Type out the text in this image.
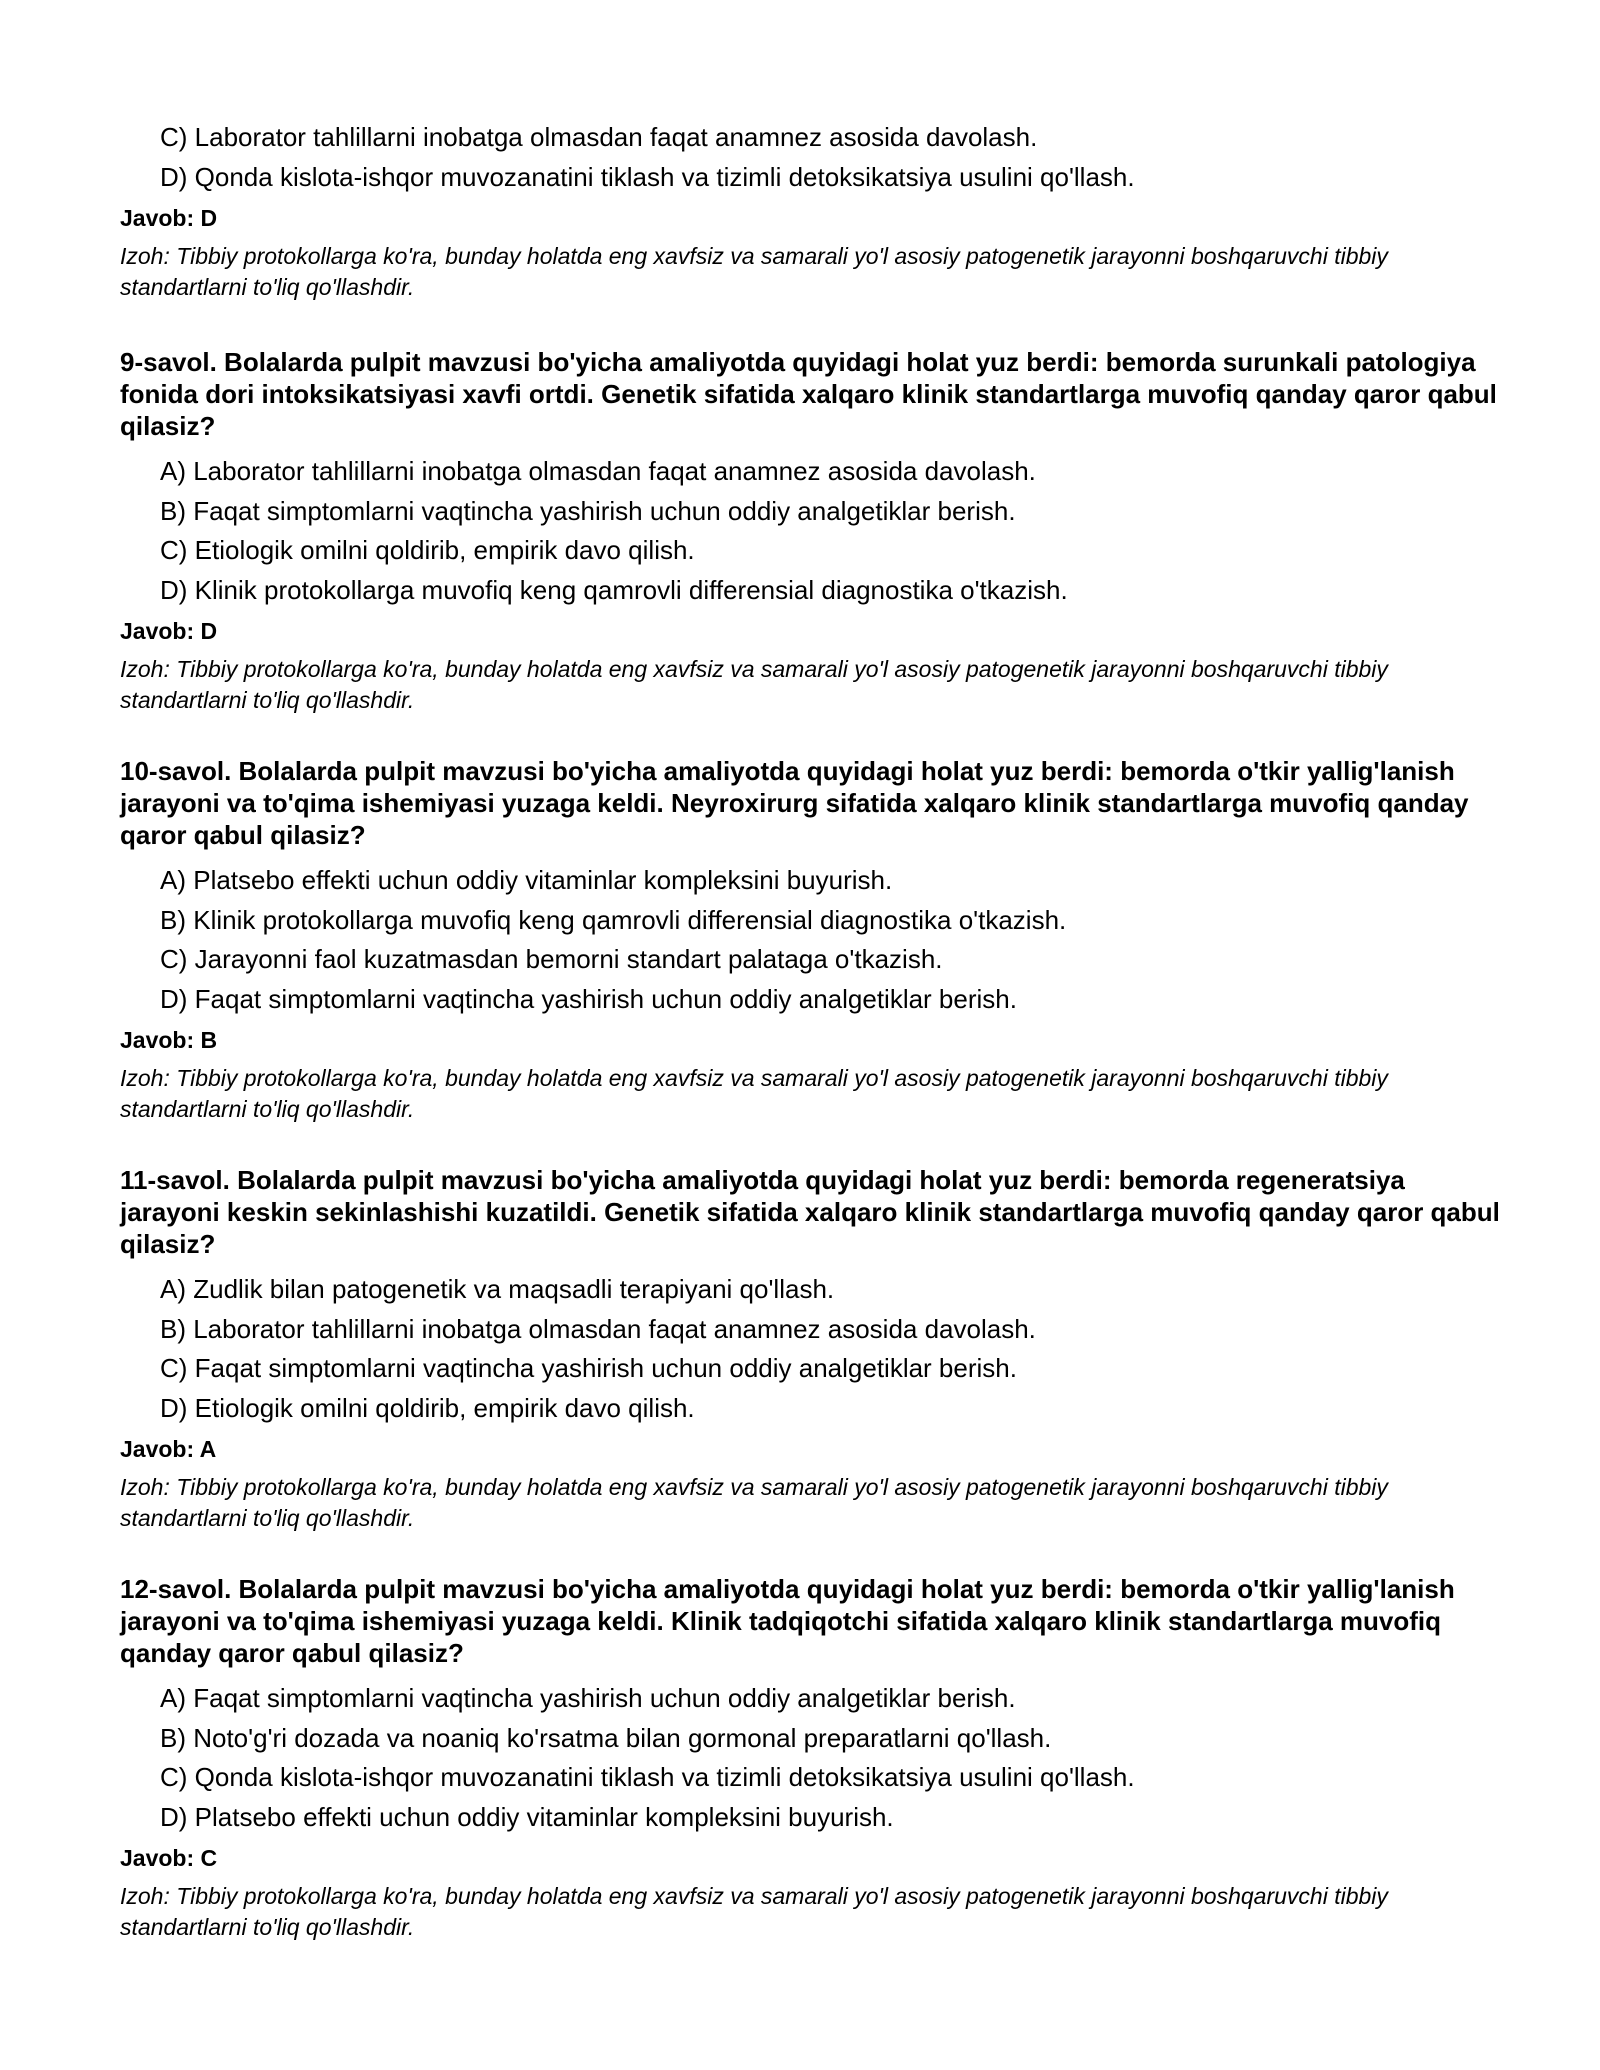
C) Laborator tahlillarni inobatga olmasdan faqat anamnez asosida davolash.
D) Qonda kislota-ishqor muvozanatini tiklash va tizimli detoksikatsiya usulini qo'llash.
Javob: D
Izoh: Tibbiy protokollarga ko'ra, bunday holatda eng xavfsiz va samarali yo'l asosiy patogenetik jarayonni boshqaruvchi tibbiy standartlarni to'liq qo'llashdir.
9-savol. Bolalarda pulpit mavzusi bo'yicha amaliyotda quyidagi holat yuz berdi: bemorda surunkali patologiya fonida dori intoksikatsiyasi xavfi ortdi. Genetik sifatida xalqaro klinik standartlarga muvofiq qanday qaror qabul qilasiz?
A) Laborator tahlillarni inobatga olmasdan faqat anamnez asosida davolash.
B) Faqat simptomlarni vaqtincha yashirish uchun oddiy analgetiklar berish.
C) Etiologik omilni qoldirib, empirik davo qilish.
D) Klinik protokollarga muvofiq keng qamrovli differensial diagnostika o'tkazish.
Javob: D
Izoh: Tibbiy protokollarga ko'ra, bunday holatda eng xavfsiz va samarali yo'l asosiy patogenetik jarayonni boshqaruvchi tibbiy standartlarni to'liq qo'llashdir.
10-savol. Bolalarda pulpit mavzusi bo'yicha amaliyotda quyidagi holat yuz berdi: bemorda o'tkir yallig'lanish jarayoni va to'qima ishemiyasi yuzaga keldi. Neyroxirurg sifatida xalqaro klinik standartlarga muvofiq qanday qaror qabul qilasiz?
A) Platsebo effekti uchun oddiy vitaminlar kompleksini buyurish.
B) Klinik protokollarga muvofiq keng qamrovli differensial diagnostika o'tkazish.
C) Jarayonni faol kuzatmasdan bemorni standart palataga o'tkazish.
D) Faqat simptomlarni vaqtincha yashirish uchun oddiy analgetiklar berish.
Javob: B
Izoh: Tibbiy protokollarga ko'ra, bunday holatda eng xavfsiz va samarali yo'l asosiy patogenetik jarayonni boshqaruvchi tibbiy standartlarni to'liq qo'llashdir.
11-savol. Bolalarda pulpit mavzusi bo'yicha amaliyotda quyidagi holat yuz berdi: bemorda regeneratsiya jarayoni keskin sekinlashishi kuzatildi. Genetik sifatida xalqaro klinik standartlarga muvofiq qanday qaror qabul qilasiz?
A) Zudlik bilan patogenetik va maqsadli terapiyani qo'llash.
B) Laborator tahlillarni inobatga olmasdan faqat anamnez asosida davolash.
C) Faqat simptomlarni vaqtincha yashirish uchun oddiy analgetiklar berish.
D) Etiologik omilni qoldirib, empirik davo qilish.
Javob: A
Izoh: Tibbiy protokollarga ko'ra, bunday holatda eng xavfsiz va samarali yo'l asosiy patogenetik jarayonni boshqaruvchi tibbiy standartlarni to'liq qo'llashdir.
12-savol. Bolalarda pulpit mavzusi bo'yicha amaliyotda quyidagi holat yuz berdi: bemorda o'tkir yallig'lanish jarayoni va to'qima ishemiyasi yuzaga keldi. Klinik tadqiqotchi sifatida xalqaro klinik standartlarga muvofiq qanday qaror qabul qilasiz?
A) Faqat simptomlarni vaqtincha yashirish uchun oddiy analgetiklar berish.
B) Noto'g'ri dozada va noaniq ko'rsatma bilan gormonal preparatlarni qo'llash.
C) Qonda kislota-ishqor muvozanatini tiklash va tizimli detoksikatsiya usulini qo'llash.
D) Platsebo effekti uchun oddiy vitaminlar kompleksini buyurish.
Javob: C
Izoh: Tibbiy protokollarga ko'ra, bunday holatda eng xavfsiz va samarali yo'l asosiy patogenetik jarayonni boshqaruvchi tibbiy standartlarni to'liq qo'llashdir.
